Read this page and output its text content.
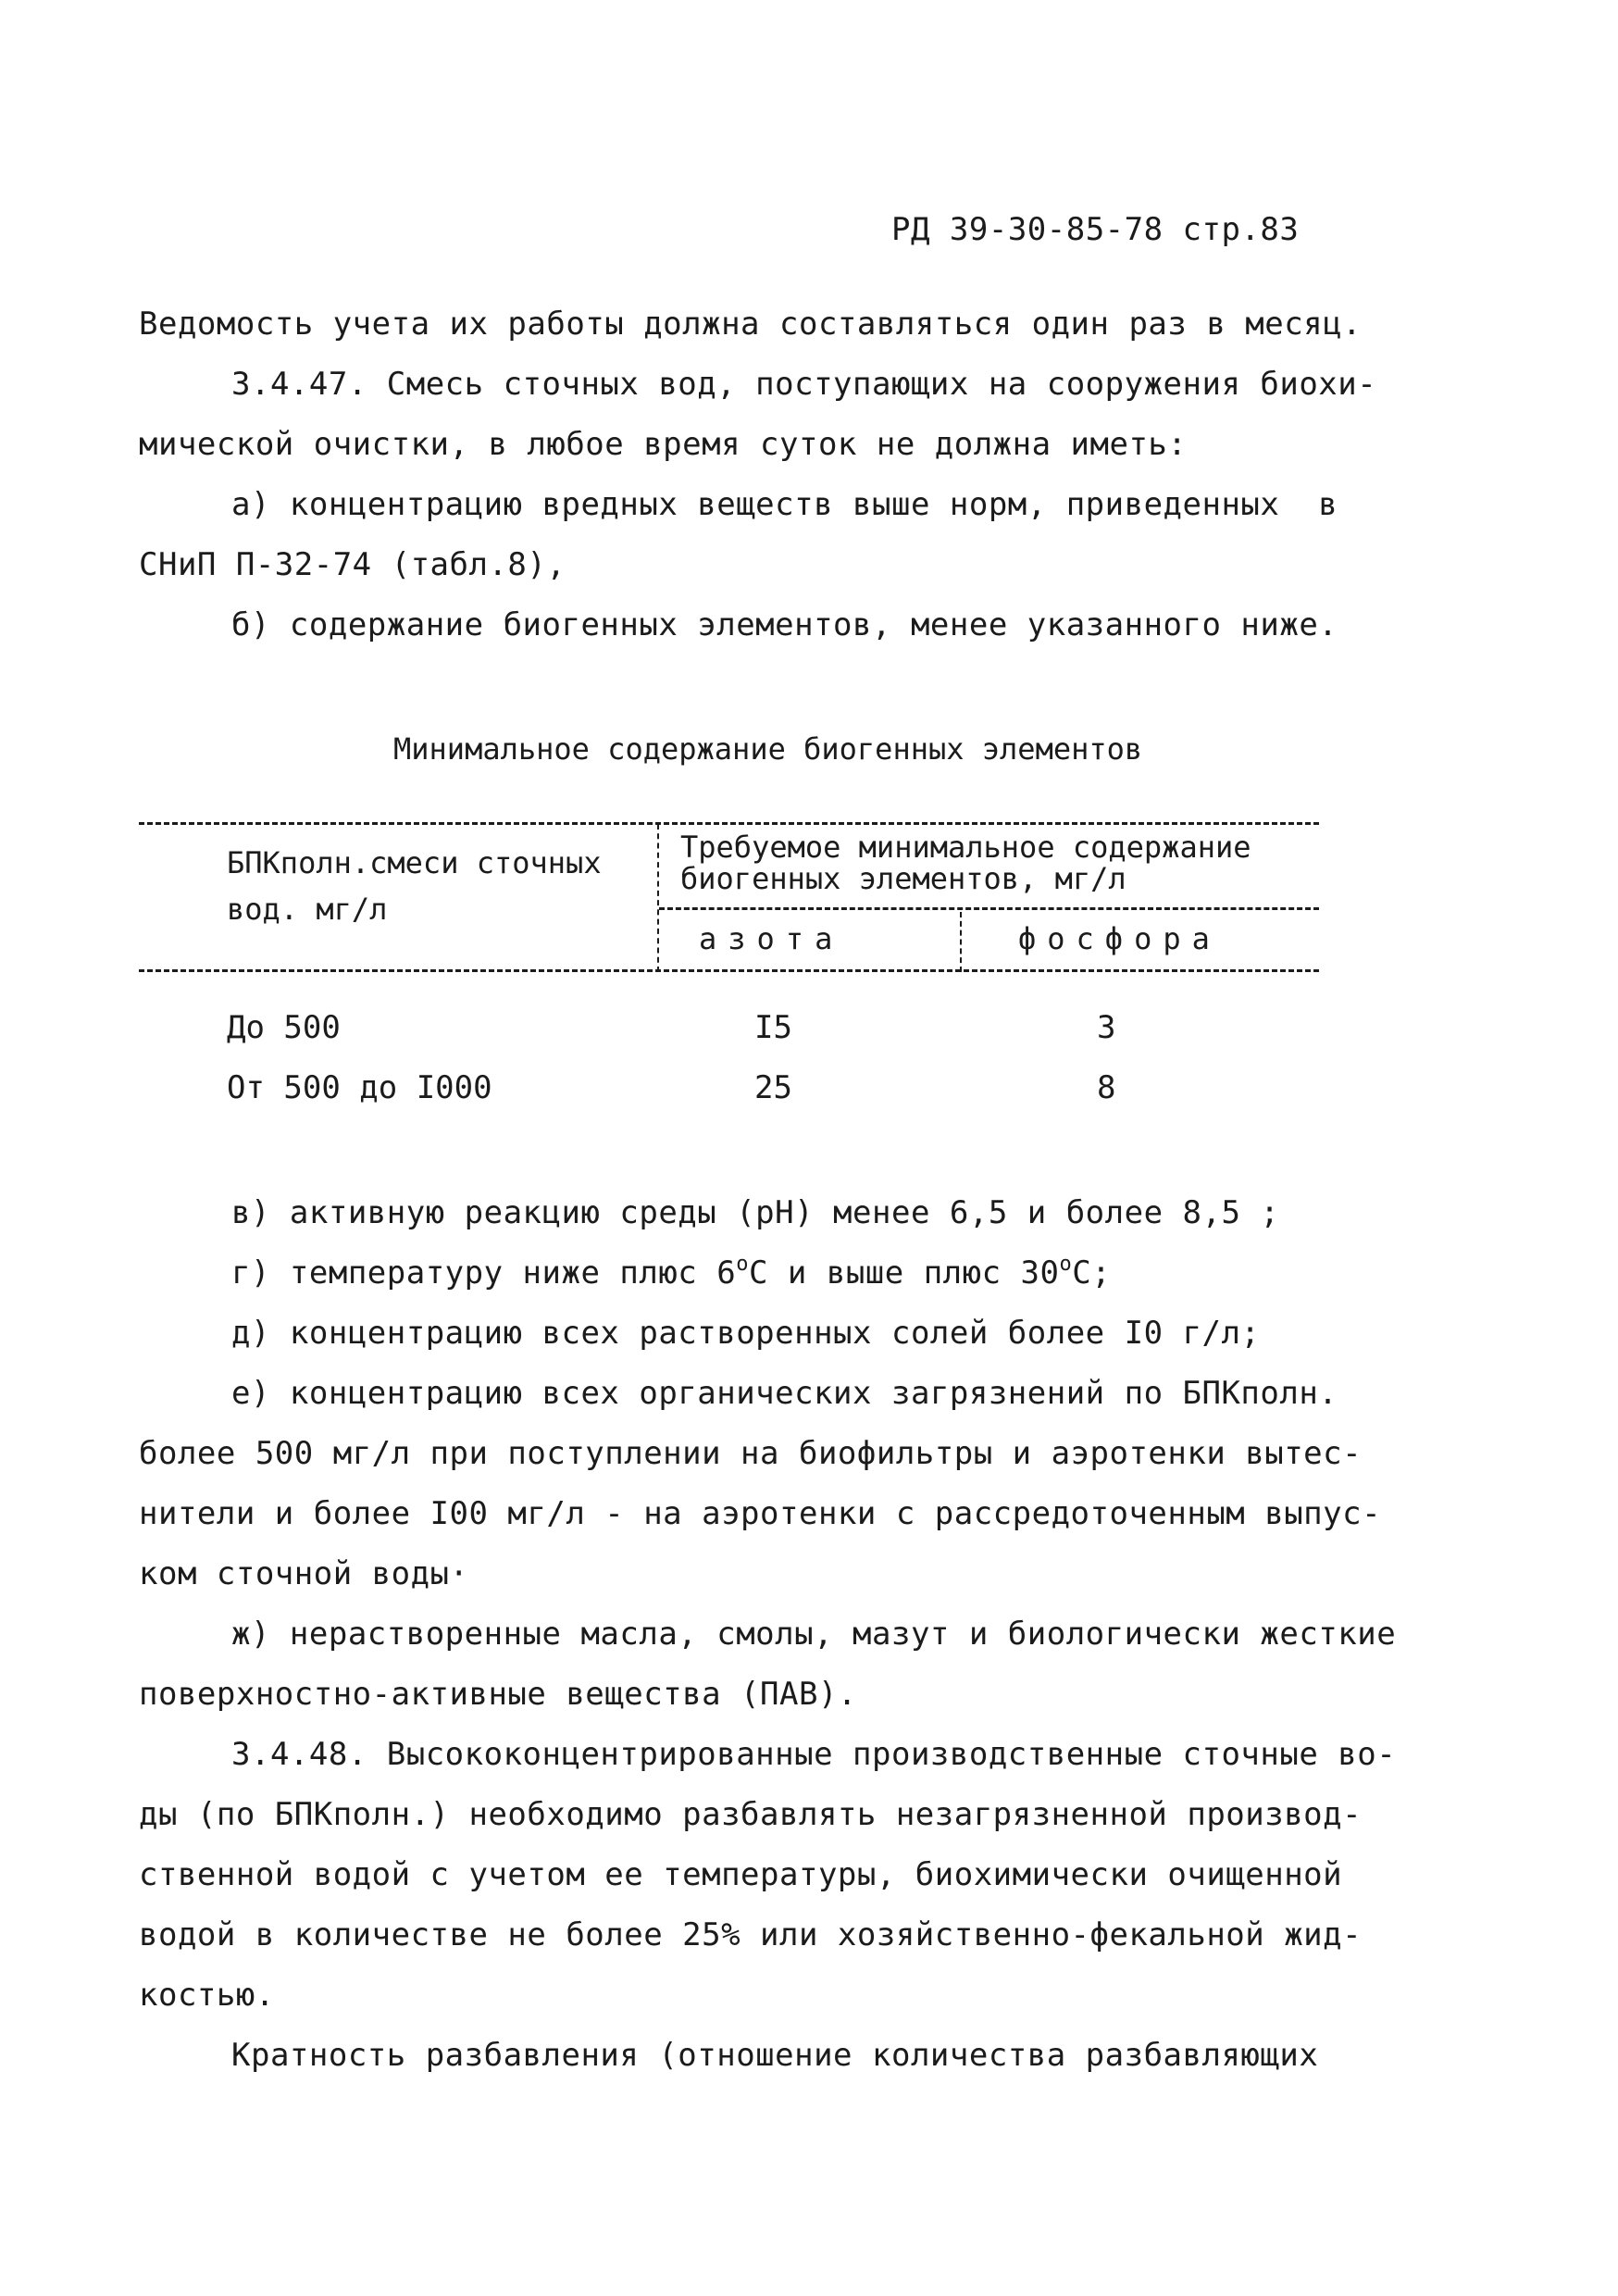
РД 39-30-85-78 стр.83
Ведомость учета их работы должна составляться один раз в месяц.
3.4.47. Смесь сточных вод, поступающих на сооружения биохи-
мической очистки, в любое время суток не должна иметь:
а) концентрацию вредных веществ выше норм, приведенных  в
СНиП П-32-74 (табл.8),
б) содержание биогенных элементов, менее указанного ниже.
Минимальное содержание биогенных элементов
БПКполн.смеси сточных
вод. мг/л
Требуемое минимальное содержание
биогенных элементов, мг/л
азота	фосфора
До 500	I5	3
От 500 до I000	25	8
в) активную реакцию среды (pH) менее 6,5 и более 8,5 ;
г) температуру ниже плюс $6^оС$ и выше плюс $30^оС$;
д) концентрацию всех растворенных солей более I0 г/л;
е) концентрацию всех органических загрязнений по БПКполн.
более 500 мг/л при поступлении на биофильтры и аэротенки вытес-
нители и более I00 мг/л - на аэротенки с рассредоточенным выпус-
ком сточной воды·
ж) нерастворенные масла, смолы, мазут и биологически жесткие
поверхностно-активные вещества (ПАВ).
3.4.48. Высококонцентрированные производственные сточные во-
ды (по БПКполн.) необходимо разбавлять незагрязненной производ-
ственной водой с учетом ее температуры, биохимически очищенной
водой в количестве не более 25% или хозяйственно-фекальной жид-
костью.
Кратность разбавления (отношение количества разбавляющих
